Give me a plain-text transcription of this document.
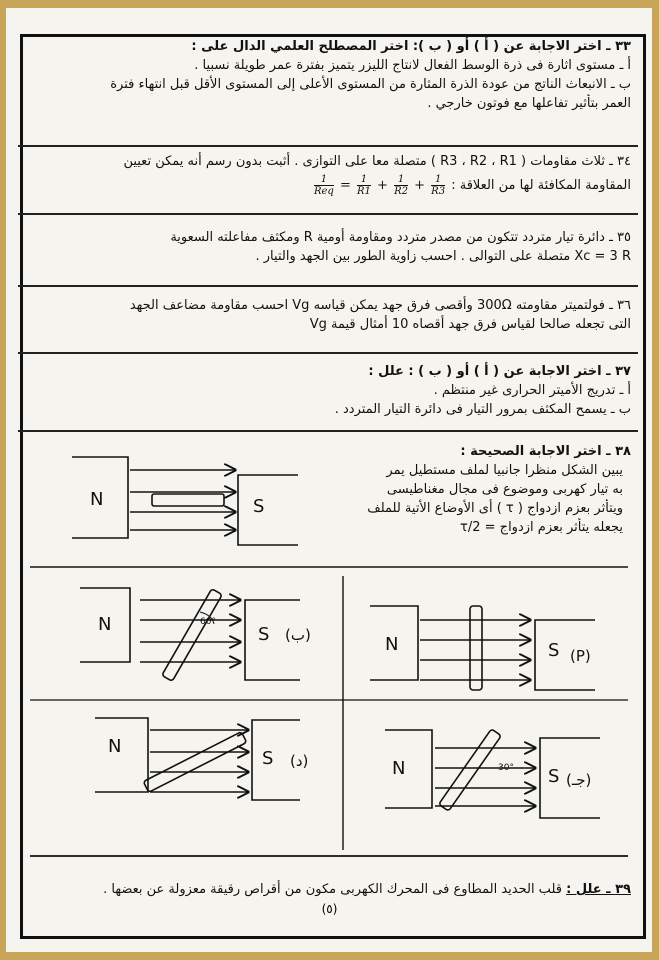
٣٣ ـ اختر الاجابة عن ( أ ) أو ( ب ): اختر المصطلح العلمي الدال على :
أ ـ مستوى اثارة فى ذرة الوسط الفعال لانتاج الليزر يتميز بفترة عمر طويلة نسبيا .
ب ـ الانبعاث الناتج من عودة الذرة المثارة من المستوى الأعلى إلى المستوى الأقل قبل انتهاء فترة
العمر بتأثير تفاعلها مع فوتون خارجي .
٣٤ ـ ثلاث مقاومات ( R3 ، R2 ، R1 ) متصلة معا على التوازى . أثبت بدون رسم أنه يمكن تعيين
المقاومة المكافئة لها من العلاقة :
1
Req = $\frac{1}{R1} + \frac{1}{R2} + \frac{1}{R3}$
٣٥ ـ دائرة تيار متردد تتكون من مصدر متردد ومقاومة أومية R ومكثف مفاعلته السعوية
Xc = 3 R متصلة على التوالى . احسب زاوية الطور بين الجهد والتيار .
٣٦ ـ فولتميتر مقاومته 300Ω وأقصى فرق جهد يمكن قياسه Vg احسب مقاومة مضاعف الجهد
التى تجعله صالحا لقياس فرق جهد أقصاه 10 أمثال قيمة Vg
٣٧ ـ اختر الاجابة عن ( أ ) أو ( ب ) : علل :
أ ـ تدريج الأميتر الحرارى غير منتظم .
ب ـ يسمح المكثف بمرور التيار فى دائرة التيار المتردد .
٣٨ ـ اختر الاجابة الصحيحة :
يبين الشكل منظرا جانبيا لملف مستطيل يمر
به تيار كهربى وموضوع فى مجال مغناطيسى
ويتأثر بعزم ازدواج ( τ ) أى الأوضاع الأتية للملف
يجعله يتأثر بعزم ازدواج = τ/2
N	S
N	S (P)
N	S (ب)
60°
N
S (د)	N	S (جـ)
30°
٣٩ ـ علل : قلب الحديد المطاوع فى المحرك الكهربى مكون من أقراص رقيقة معزولة عن بعضها .
(٥)
